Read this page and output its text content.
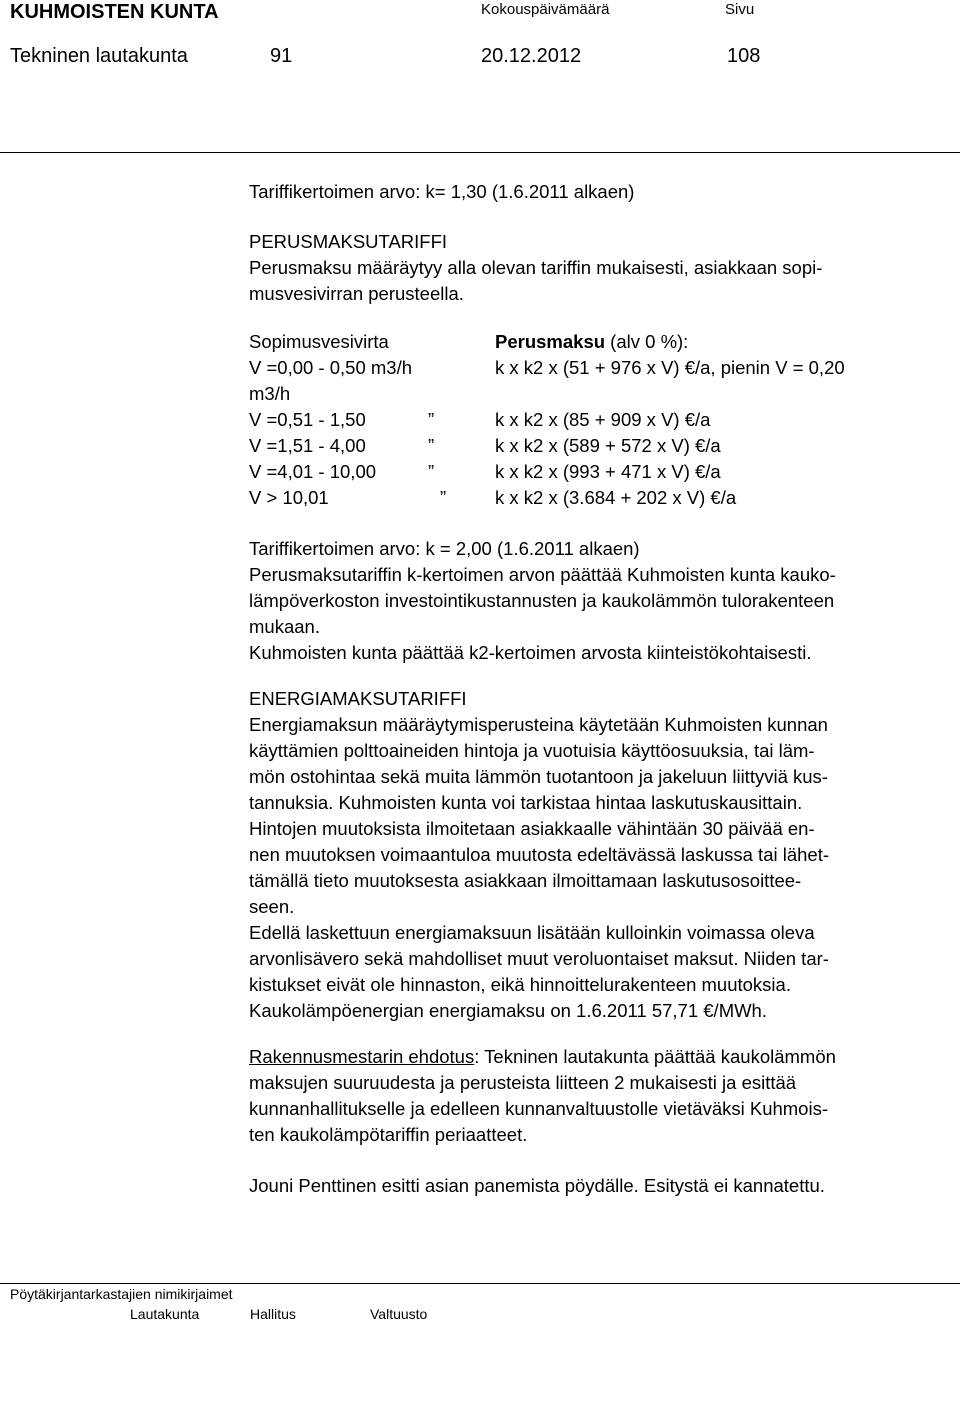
KUHMOISTEN KUNTA	Kokouspäivämäärä	Sivu
Tekninen lautakunta	91	20.12.2012	108
Tariffikertoimen arvo: k= 1,30 (1.6.2011 alkaen)
PERUSMAKSUTARIFFI
Perusmaksu määräytyy alla olevan tariffin mukaisesti, asiakkaan sopi-
musvesivirran perusteella.
Sopimusvesivirta	Perusmaksu (alv 0 %):
V =0,00 - 0,50 m3/h	k x k2 x (51 + 976 x V) €/a, pienin V = 0,20
m3/h
V =0,51 - 1,50	”	k x k2 x (85 + 909 x V) €/a
V =1,51 - 4,00	”	k x k2 x (589 + 572 x V) €/a
V =4,01 - 10,00	”	k x k2 x (993 + 471 x V) €/a
V > 10,01	”	k x k2 x (3.684 + 202 x V) €/a
Tariffikertoimen arvo: k = 2,00 (1.6.2011 alkaen)
Perusmaksutariffin k-kertoimen arvon päättää Kuhmoisten kunta kauko-
lämpöverkoston investointikustannusten ja kaukolämmön tulorakenteen
mukaan.
Kuhmoisten kunta päättää k2-kertoimen arvosta kiinteistökohtaisesti.
ENERGIAMAKSUTARIFFI
Energiamaksun määräytymisperusteina käytetään Kuhmoisten kunnan
käyttämien polttoaineiden hintoja ja vuotuisia käyttöosuuksia, tai läm-
mön ostohintaa sekä muita lämmön tuotantoon ja jakeluun liittyviä kus-
tannuksia. Kuhmoisten kunta voi tarkistaa hintaa laskutuskausittain.
Hintojen muutoksista ilmoitetaan asiakkaalle vähintään 30 päivää en-
nen muutoksen voimaantuloa muutosta edeltävässä laskussa tai lähet-
tämällä tieto muutoksesta asiakkaan ilmoittamaan laskutusosoittee-
seen.
Edellä laskettuun energiamaksuun lisätään kulloinkin voimassa oleva
arvonlisävero sekä mahdolliset muut veroluontaiset maksut. Niiden tar-
kistukset eivät ole hinnaston, eikä hinnoittelurakenteen muutoksia.
Kaukolämpöenergian energiamaksu on 1.6.2011 57,71 €/MWh.
Rakennusmestarin ehdotus: Tekninen lautakunta päättää kaukolämmön
maksujen suuruudesta ja perusteista liitteen 2 mukaisesti ja esittää
kunnanhallitukselle ja edelleen kunnanvaltuustolle vietäväksi Kuhmois-
ten kaukolämpötariffin periaatteet.
Jouni Penttinen esitti asian panemista pöydälle. Esitystä ei kannatettu.
Pöytäkirjantarkastajien nimikirjaimet
Lautakunta	Hallitus	Valtuusto
